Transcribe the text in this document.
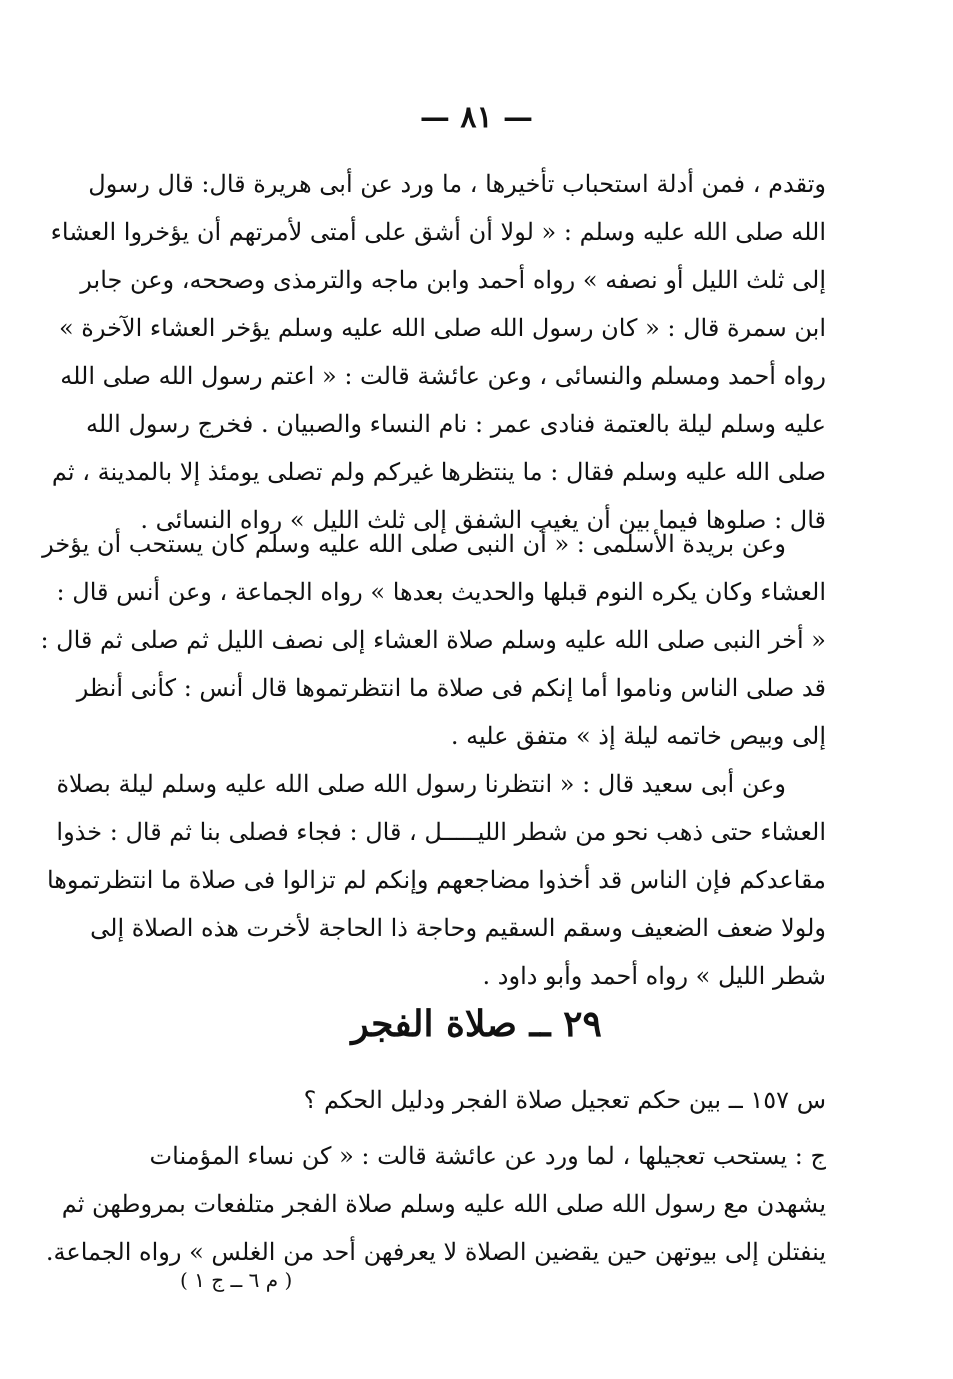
— ٨١ —
وتقدم ، فمن أدلة استحباب تأخيرها ، ما ورد عن أبى هريرة قال: قال رسول
الله صلى الله عليه وسلم : « لولا أن أشق على أمتى لأمرتهم أن يؤخروا العشاء
إلى ثلث الليل أو نصفه » رواه أحمد وابن ماجه والترمذى وصححه، وعن جابر
ابن سمرة قال : « كان رسول الله صلى الله عليه وسلم يؤخر العشاء الآخرة »
رواه أحمد ومسلم والنسائى ، وعن عائشة قالت : « اعتم رسول الله صلى الله
عليه وسلم ليلة بالعتمة فنادى عمر : نام النساء والصبيان . فخرج رسول الله
صلى الله عليه وسلم فقال : ما ينتظرها غيركم ولم تصلى يومئذ إلا بالمدينة ، ثم
قال : صلوها فيما بين أن يغيب الشفق إلى ثلث الليل » رواه النسائى .
وعن بريدة الأسلمى : « أن النبى صلى الله عليه وسلم كان يستحب أن يؤخر
العشاء وكان يكره النوم قبلها والحديث بعدها » رواه الجماعة ، وعن أنس قال :
« أخر النبى صلى الله عليه وسلم صلاة العشاء إلى نصف الليل ثم صلى ثم قال :
قد صلى الناس وناموا أما إنكم فى صلاة ما انتظرتموها قال أنس : كأنى أنظر
إلى وبيص خاتمه ليلة إذ » متفق عليه .
وعن أبى سعيد قال : « انتظرنا رسول الله صلى الله عليه وسلم ليلة بصلاة
العشاء حتى ذهب نحو من شطر الليـــــل ، قال : فجاء فصلى بنا ثم قال : خذوا
مقاعدكم فإن الناس قد أخذوا مضاجعهم وإنكم لم تزالوا فى صلاة ما انتظرتموها
ولولا ضعف الضعيف وسقم السقيم وحاجة ذا الحاجة لأخرت هذه الصلاة إلى
شطر الليل » رواه أحمد وأبو داود .
٢٩ ــ صلاة الفجر
س ١٥٧ ــ بين حكم تعجيل صلاة الفجر ودليل الحكم ؟
ج : يستحب تعجيلها ، لما ورد عن عائشة قالت : « كن نساء المؤمنات
يشهدن مع رسول الله صلى الله عليه وسلم صلاة الفجر متلفعات بمروطهن ثم
ينفتلن إلى بيوتهن حين يقضين الصلاة لا يعرفهن أحد من الغلس » رواه الجماعة.
( م ٦ ــ ج ١ )
